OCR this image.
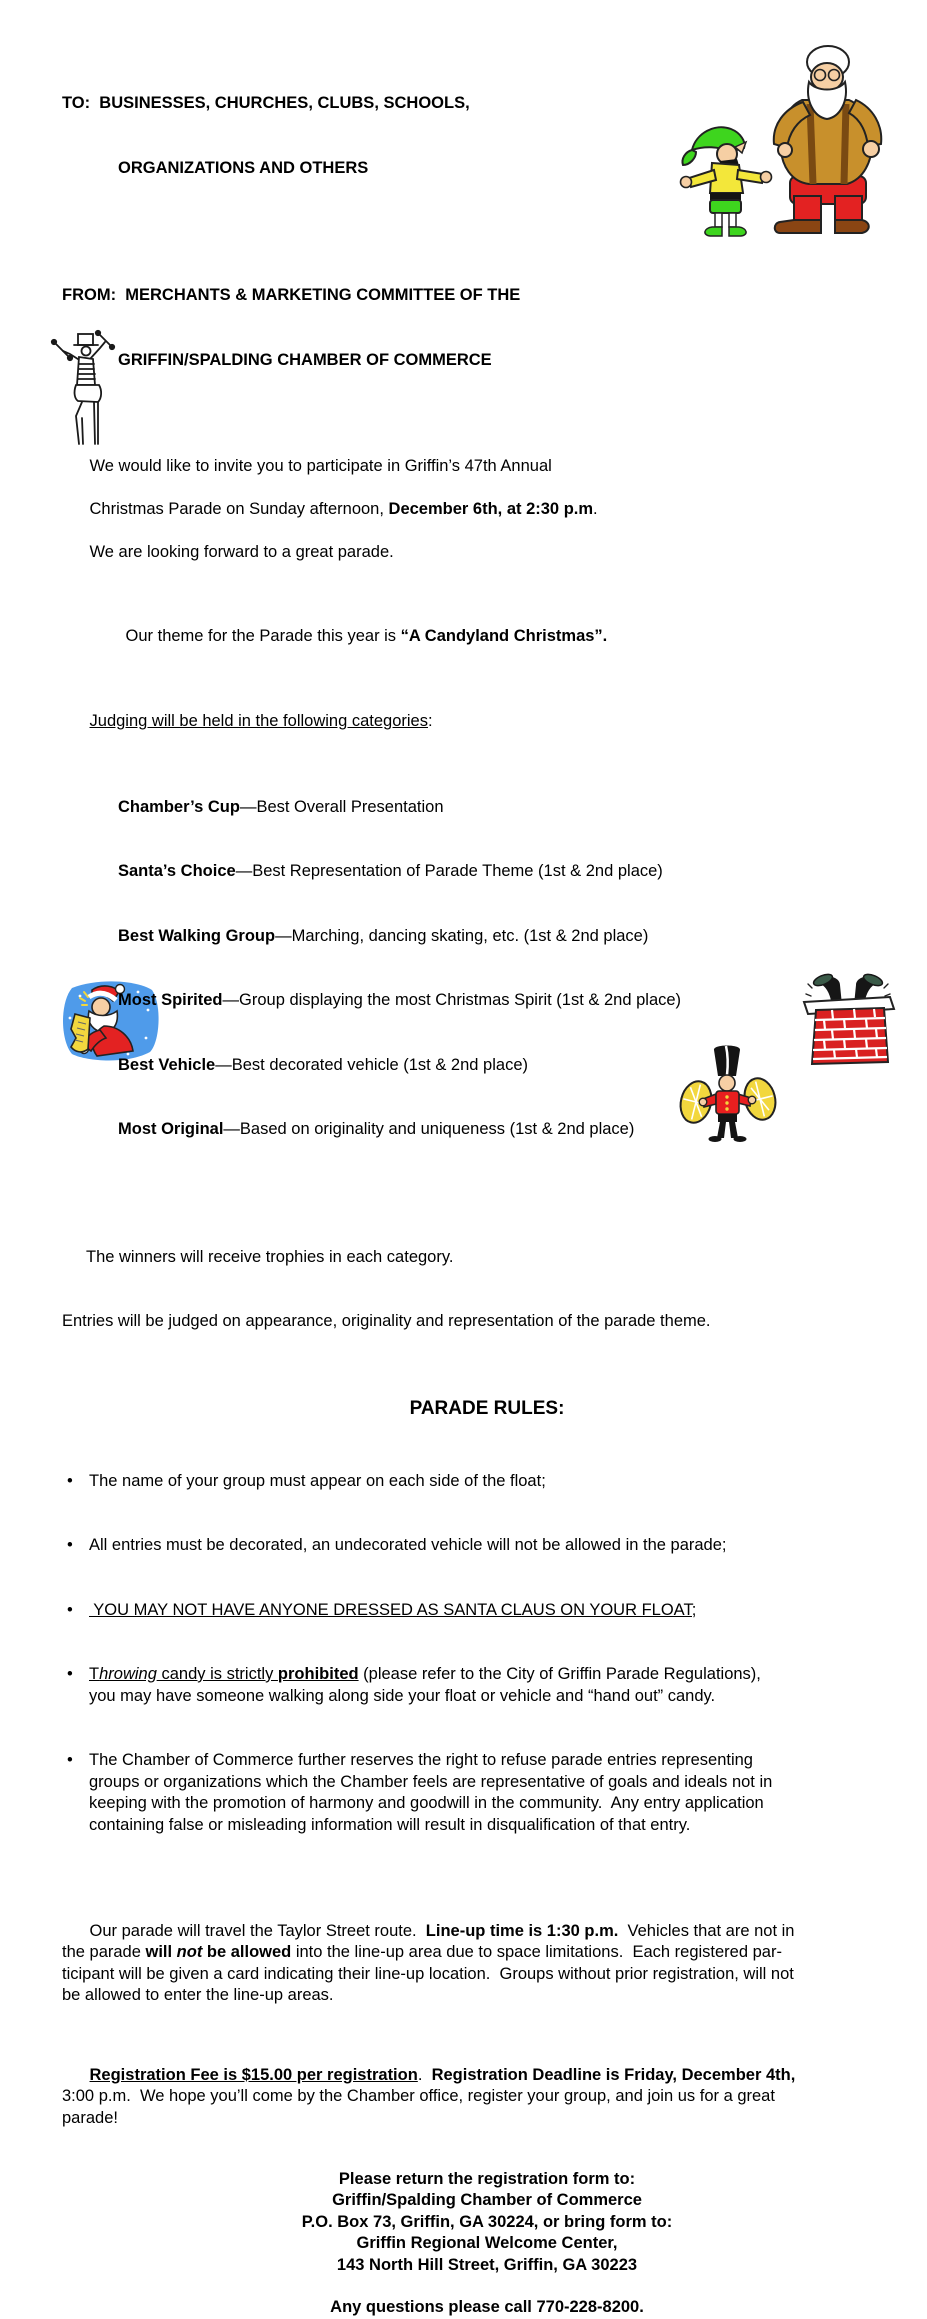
TO:  BUSINESSES, CHURCHES, CLUBS, SCHOOLS,

ORGANIZATIONS AND OTHERS

FROM:  MERCHANTS & MARKETING COMMITTEE OF THE

GRIFFIN/SPALDING CHAMBER OF COMMERCE

We would like to invite you to participate in Griffin’s 47th Annual

Christmas Parade on Sunday afternoon, December 6th, at 2:30 p.m.

We are looking forward to a great parade.

Our theme for the Parade this year is “A Candyland Christmas”.

Judging will be held in the following categories:

Chamber’s Cup—Best Overall Presentation

Santa’s Choice—Best Representation of Parade Theme (1st & 2nd place)

Best Walking Group—Marching, dancing skating, etc. (1st & 2nd place)

Most Spirited—Group displaying the most Christmas Spirit (1st & 2nd place)

Best Vehicle—Best decorated vehicle (1st & 2nd place)

Most Original—Based on originality and uniqueness (1st & 2nd place)

The winners will receive trophies in each category.

Entries will be judged on appearance, originality and representation of the parade theme.

PARADE RULES:

• The name of your group must appear on each side of the float;

• All entries must be decorated, an undecorated vehicle will not be allowed in the parade;

• YOU MAY NOT HAVE ANYONE DRESSED AS SANTA CLAUS ON YOUR FLOAT;

• Throwing candy is strictly prohibited (please refer to the City of Griffin Parade Regulations),
you may have someone walking along side your float or vehicle and “hand out” candy.

• The Chamber of Commerce further reserves the right to refuse parade entries representing
groups or organizations which the Chamber feels are representative of goals and ideals not in
keeping with the promotion of harmony and goodwill in the community.  Any entry application
containing false or misleading information will result in disqualification of that entry.

Our parade will travel the Taylor Street route.  Line-up time is 1:30 p.m.  Vehicles that are not in
the parade will not be allowed into the line-up area due to space limitations.  Each registered par-
ticipant will be given a card indicating their line-up location.  Groups without prior registration, will not
be allowed to enter the line-up areas.

Registration Fee is $15.00 per registration.  Registration Deadline is Friday, December 4th,
3:00 p.m.  We hope you’ll come by the Chamber office, register your group, and join us for a great
parade!

Please return the registration form to:
Griffin/Spalding Chamber of Commerce
P.O. Box 73, Griffin, GA 30224, or bring form to:
Griffin Regional Welcome Center,
143 North Hill Street, Griffin, GA 30223
Any questions please call 770-228-8200.
